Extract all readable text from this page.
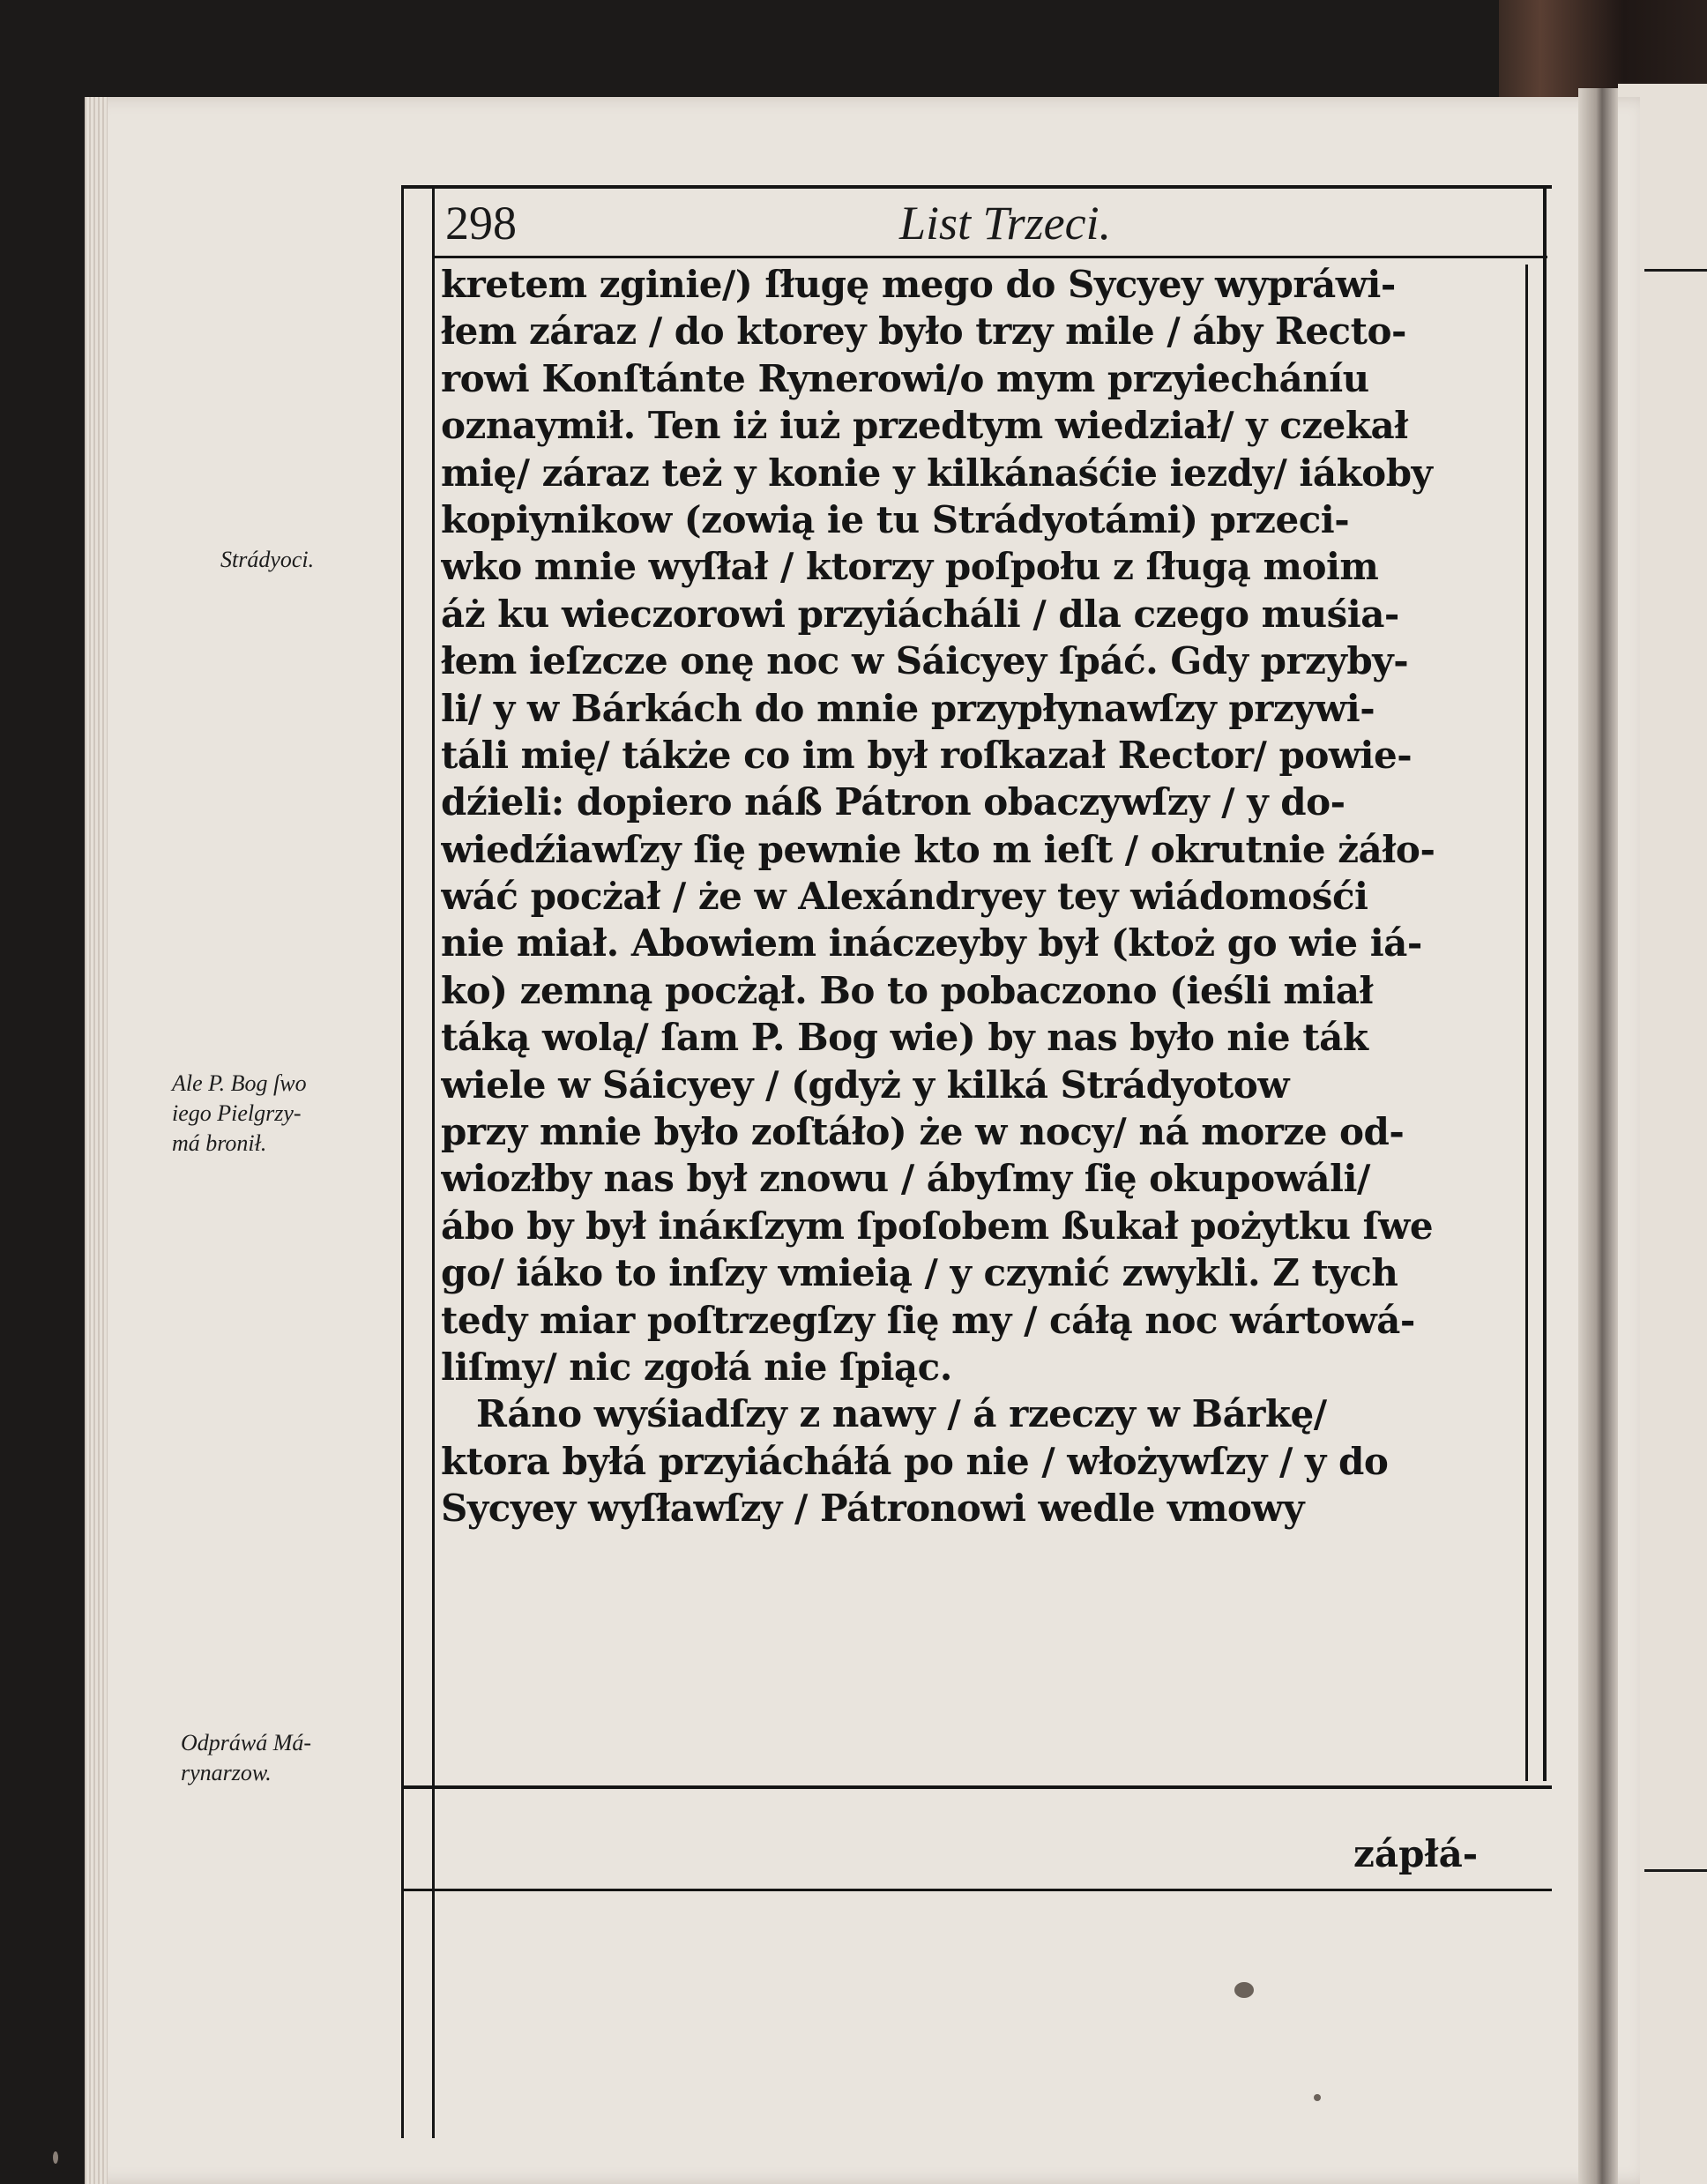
298	List Trzeci.
kretem zginie/) ſługę mego do Sycyey wypráwi-
łem záraz / do ktorey było trzy mile / áby Recto-
rowi Konſtánte Rynerowi/o mym przyiecháníu
oznaymił. Ten iż iuż przedtym wiedział/ y czekał
mię/ záraz też y konie y kilkánaśćie iezdy/ iákoby
kopiynikow (zowią ie tu Strádyotámi) przeci-
wko mnie wyſłał / ktorzy poſpołu z ſługą moim
áż ku wieczorowi przyiácháli / dla czego muśia-
łem ieſzcze onę noc w Sáicyey ſpáć. Gdy przyby-
li/ y w Bárkách do mnie przypłynawſzy przywi-
táli mię/ tákże co im był roſkazał Rector/ powie-
dźieli: dopiero náß Pátron obaczywſzy / y do-
wiedźiawſzy ſię pewnie kto m ieſt / okrutnie żáło-
wáć pocżał / że w Alexándryey tey wiádomośći
nie miał. Abowiem ináczeyby był (ktoż go wie iá-
ko) zemną pocżął. Bo to pobaczono (ieśli miał
táką wolą/ ſam P. Bog wie) by nas było nie ták
wiele w Sáicyey / (gdyż y kilká Strádyotow
przy mnie było zoſtáło) że w nocy/ ná morze od-
wiozłby nas był znowu / ábyſmy ſię okupowáli/
ábo by był ináкſzym ſpoſobem ßukał pożytku ſwe
go/ iáko to inſzy vmieią / y czynić zwykli. Z tych
tedy miar poſtrzegſzy ſię my / cáłą noc wártowá-
liſmy/ nic zgołá nie ſpiąc.
Ráno wyśiadſzy z nawy / á rzeczy w Bárkę/
ktora byłá przyiácháłá po nie / włożywſzy / y do
Sycyey wyſławſzy / Pátronowi wedle vmowy
zápłá-
Strádyoci.
Ale P. Bog ſwo
iego Pielgrzy-
má bronił.
Odpráwá Má-
rynarzow.
